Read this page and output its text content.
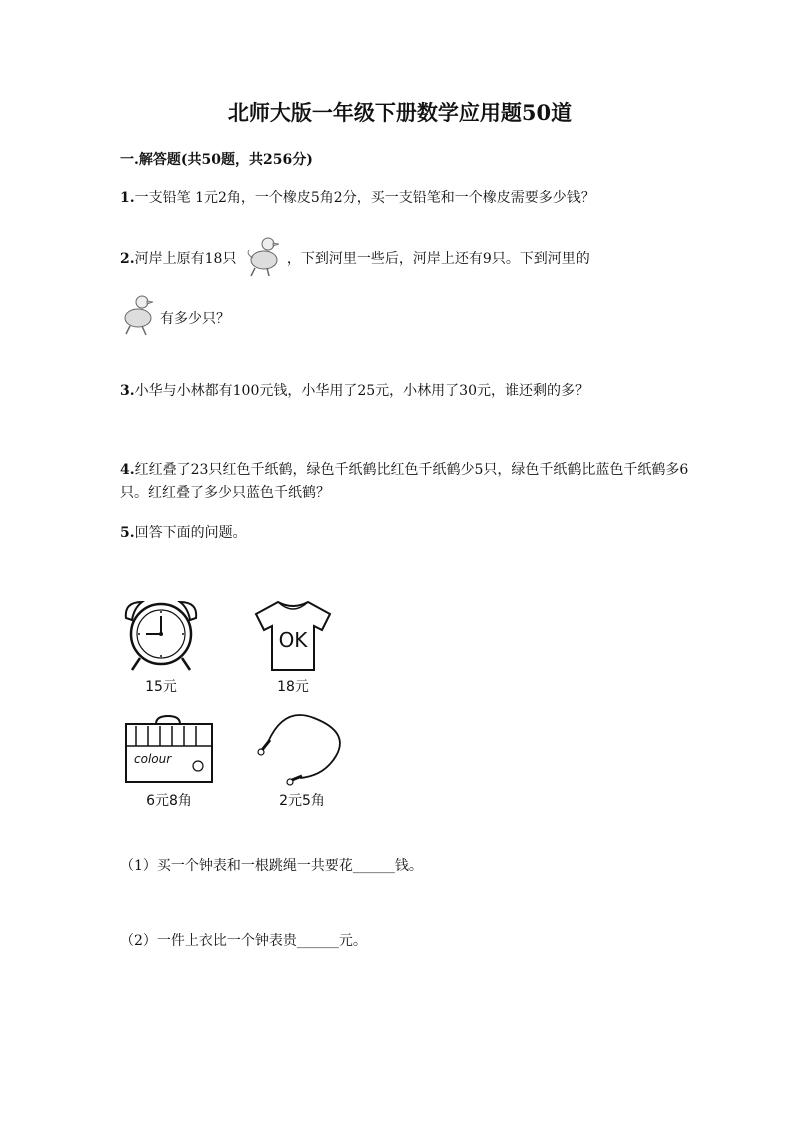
北师大版一年级下册数学应用题50道
一.解答题(共50题，共256分)
1.一支铅笔 1元2角，一个橡皮5角2分，买一支铅笔和一个橡皮需要多少钱？
2.河岸上原有18只	，下到河里一些后，河岸上还有9只。下到河里的
有多少只？
3.小华与小林都有100元钱，小华用了25元，小林用了30元，谁还剩的多？
4.红红叠了23只红色千纸鹤，绿色千纸鹤比红色千纸鹤少5只，绿色千纸鹤比蓝色千纸鹤多6只。红红叠了多少只蓝色千纸鹤？
5.回答下面的问题。
15元
OK
18元
colour
6元8角	2元5角
（1）买一个钟表和一根跳绳一共要花______钱。
（2）一件上衣比一个钟表贵______元。
